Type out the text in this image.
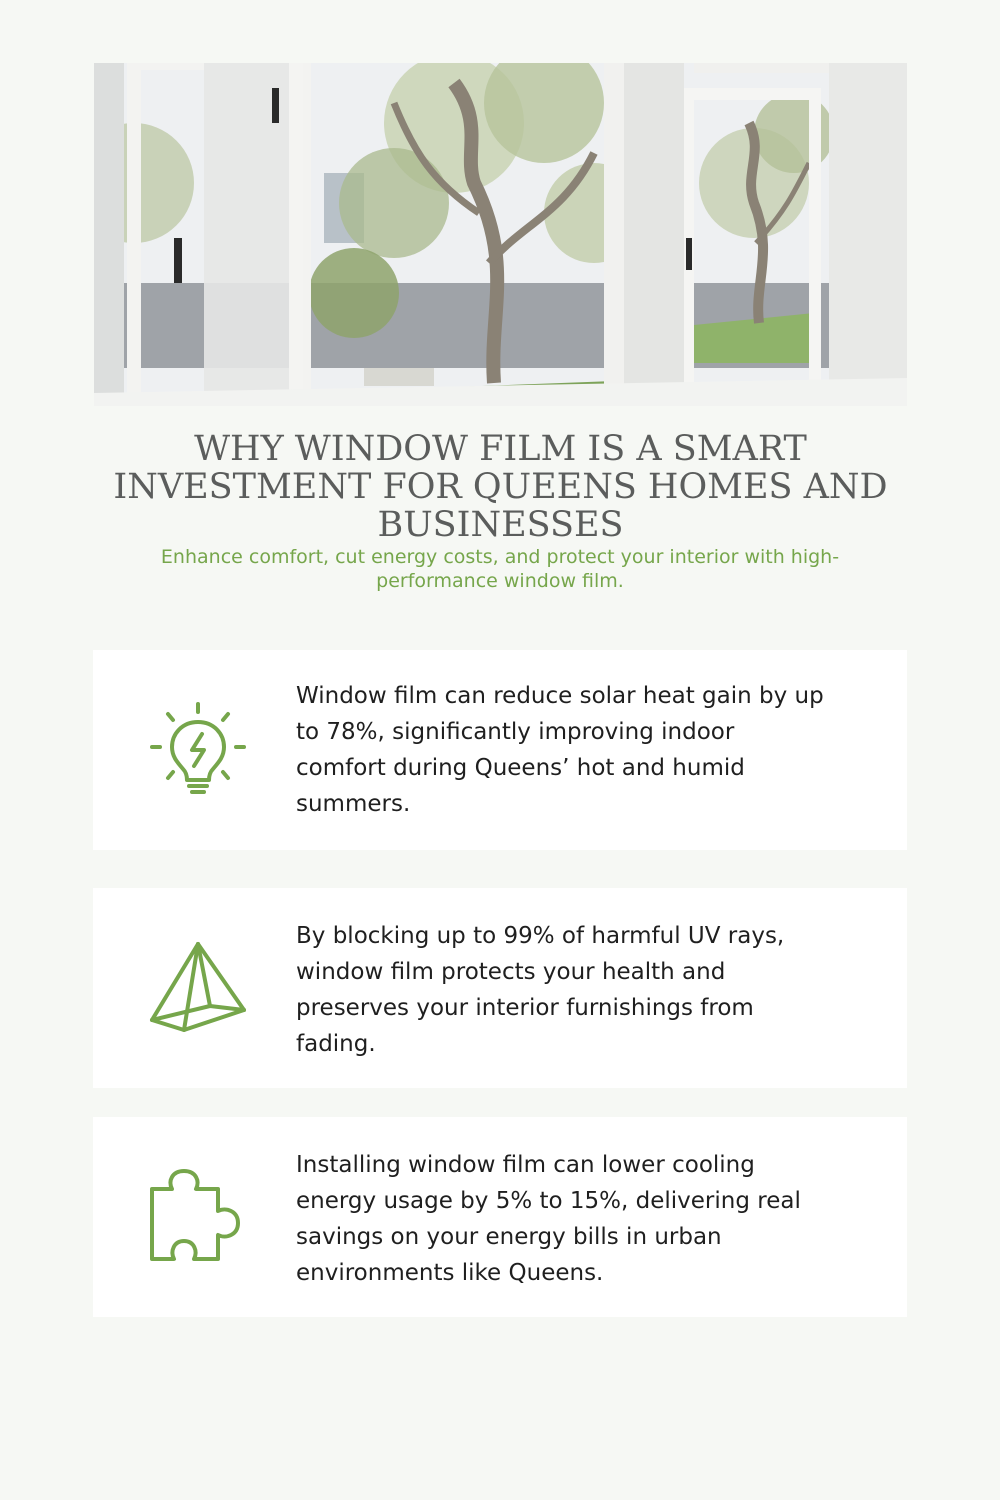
WHY WINDOW FILM IS A SMART INVESTMENT FOR QUEENS HOMES AND BUSINESSES

Enhance comfort, cut energy costs, and protect your interior with high-performance window film.

Window film can reduce solar heat gain by up to 78%, significantly improving indoor comfort during Queens’ hot and humid summers.

By blocking up to 99% of harmful UV rays, window film protects your health and preserves your interior furnishings from fading.

Installing window film can lower cooling energy usage by 5% to 15%, delivering real savings on your energy bills in urban environments like Queens.
